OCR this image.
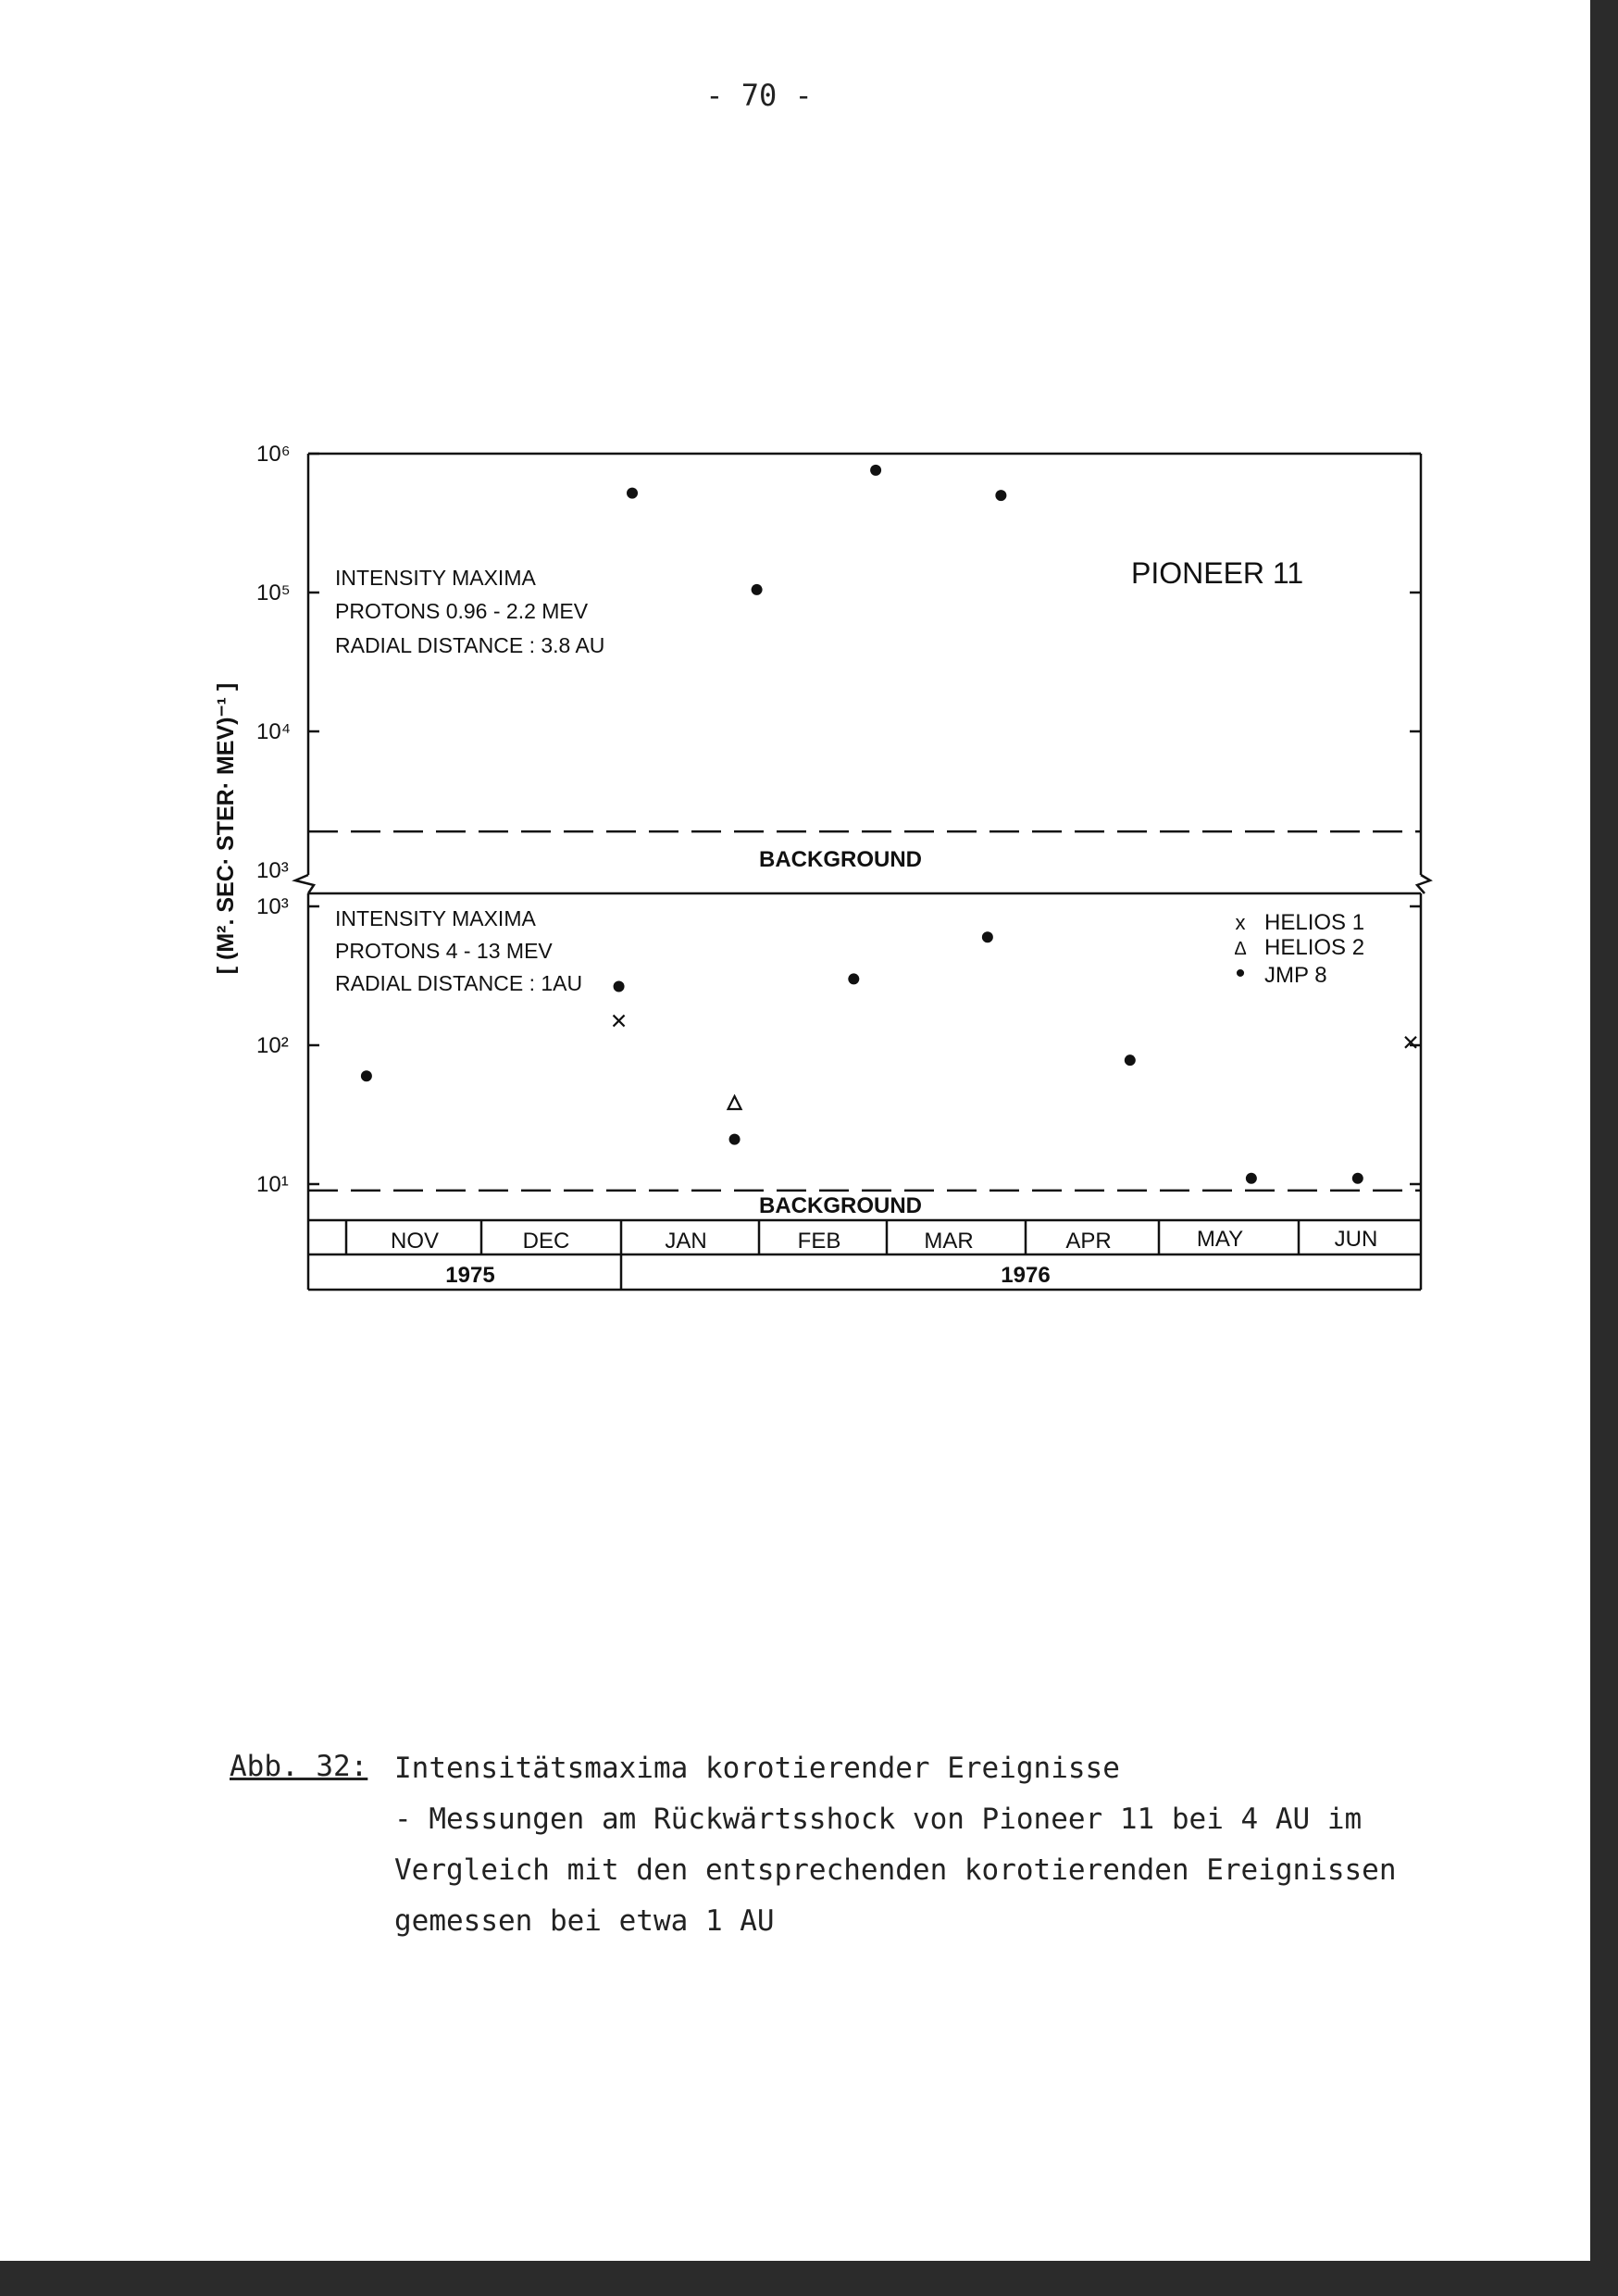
- 70 -
10⁶
10⁵
10⁴
10³
10³
10²
10¹
[ (M². SEC· STER· MEV)⁻¹ ]
INTENSITY MAXIMA
PROTONS 0.96 - 2.2 MEV
RADIAL DISTANCE : 3.8 AU
PIONEER 11
BACKGROUND
INTENSITY MAXIMA
PROTONS 4 - 13 MEV
RADIAL DISTANCE : 1AU
BACKGROUND
x HELIOS 1
Δ HELIOS 2
• JMP 8
NOV	DEC	JAN	FEB	MAR	APR	MAY	JUN
1975	1976
Abb. 32: Intensitätsmaxima korotierender Ereignisse
- Messungen am Rückwärtsshock von Pioneer 11 bei 4 AU im
Vergleich mit den entsprechenden korotierenden Ereignissen
gemessen bei etwa 1 AU
